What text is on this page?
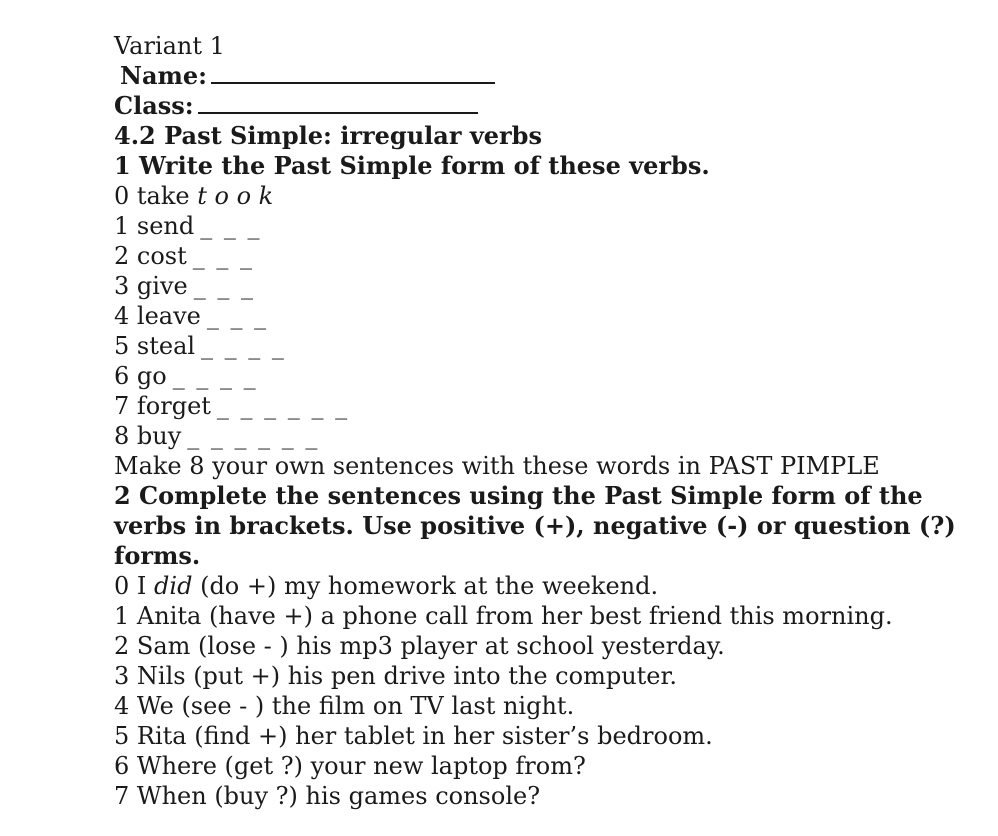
Variant 1
Name:
Class:
4.2 Past Simple: irregular verbs
1 Write the Past Simple form of these verbs.
0 take t o o k
1 send _ _ _
2 cost _ _ _
3 give _ _ _
4 leave _ _ _
5 steal _ _ _ _
6 go _ _ _ _
7 forget _ _ _ _ _ _
8 buy _ _ _ _ _ _
Make 8 your own sentences with these words in PAST PIMPLE
2 Complete the sentences using the Past Simple form of the verbs in brackets. Use positive (+), negative (-) or question (?) forms.
0 I did (do +) my homework at the weekend.
1 Anita (have +) a phone call from her best friend this morning.
2 Sam (lose - ) his mp3 player at school yesterday.
3 Nils (put +) his pen drive into the computer.
4 We (see - ) the film on TV last night.
5 Rita (find +) her tablet in her sister’s bedroom.
6 Where (get ?) your new laptop from?
7 When (buy ?) his games console?
